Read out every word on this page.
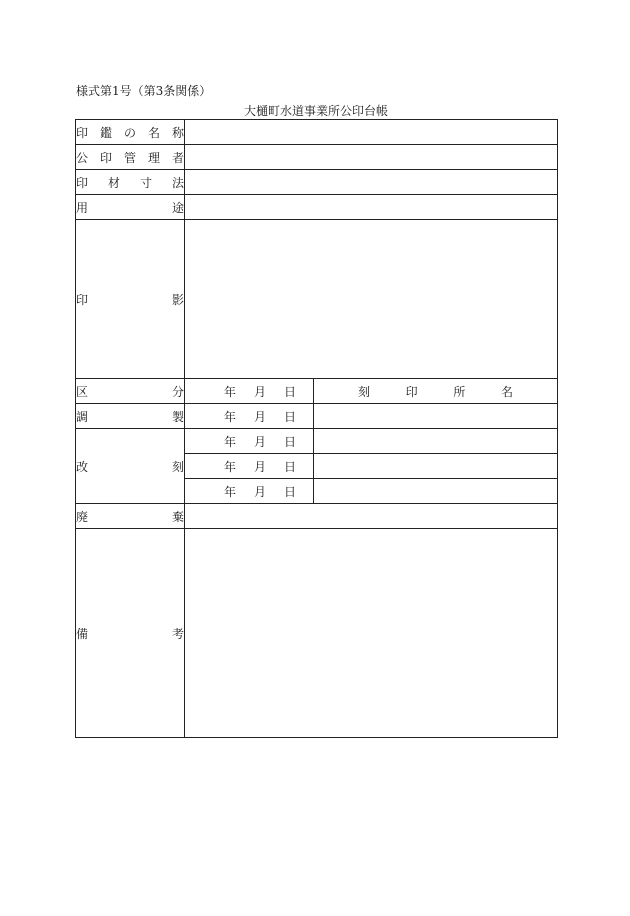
様式第1号（第3条関係）
大樋町水道事業所公印台帳
印 鑑 の 名 称		

公 印 管 理 者		

印 材 寸 法		

用 途		

印 影		

区 分	年 月 日	刻 印 所 名

調 製	年 月 日	

改 刻	年 月 日	

	年 月 日	

	年 月 日	

廃 棄		

備 考		
